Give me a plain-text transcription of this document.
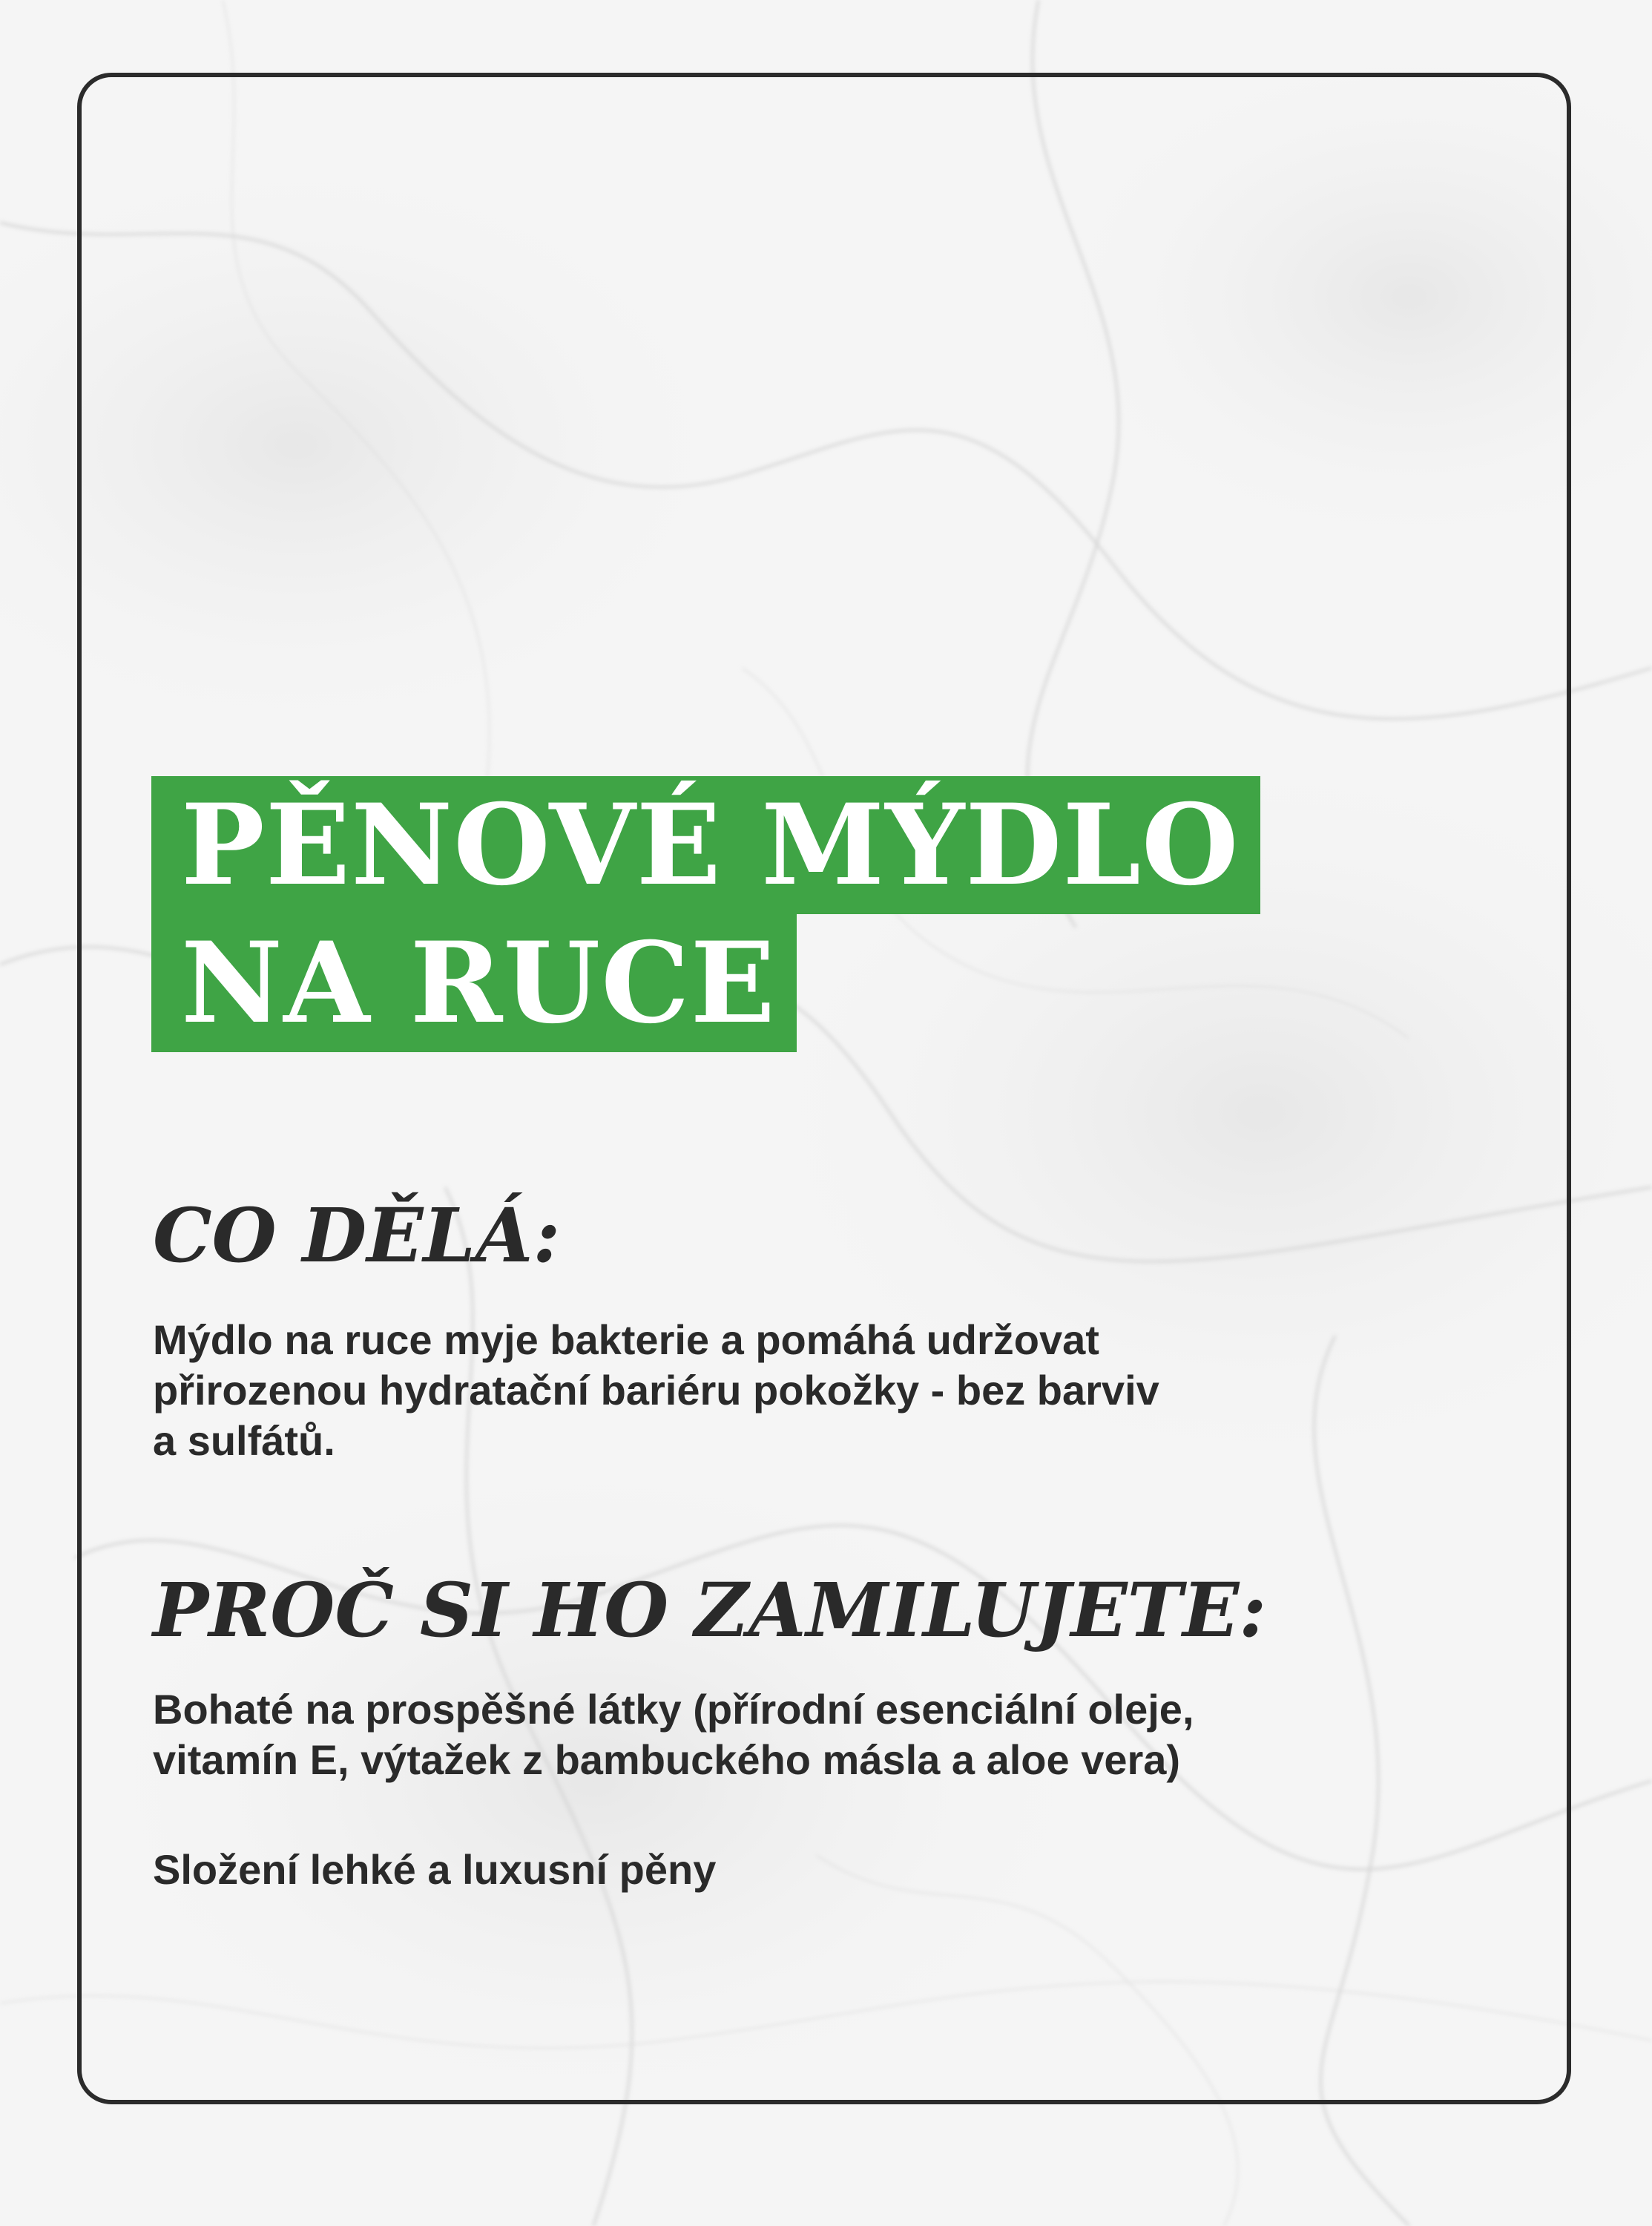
PĚNOVÉ MÝDLO
NA RUCE
CO DĚLÁ:
Mýdlo na ruce myje bakterie a pomáhá udržovat
přirozenou hydratační bariéru pokožky - bez barviv
a sulfátů.
PROČ SI HO ZAMILUJETE:
Bohaté na prospěšné látky (přírodní esenciální oleje,
vitamín E, výtažek z bambuckého másla a aloe vera)
Složení lehké a luxusní pěny
